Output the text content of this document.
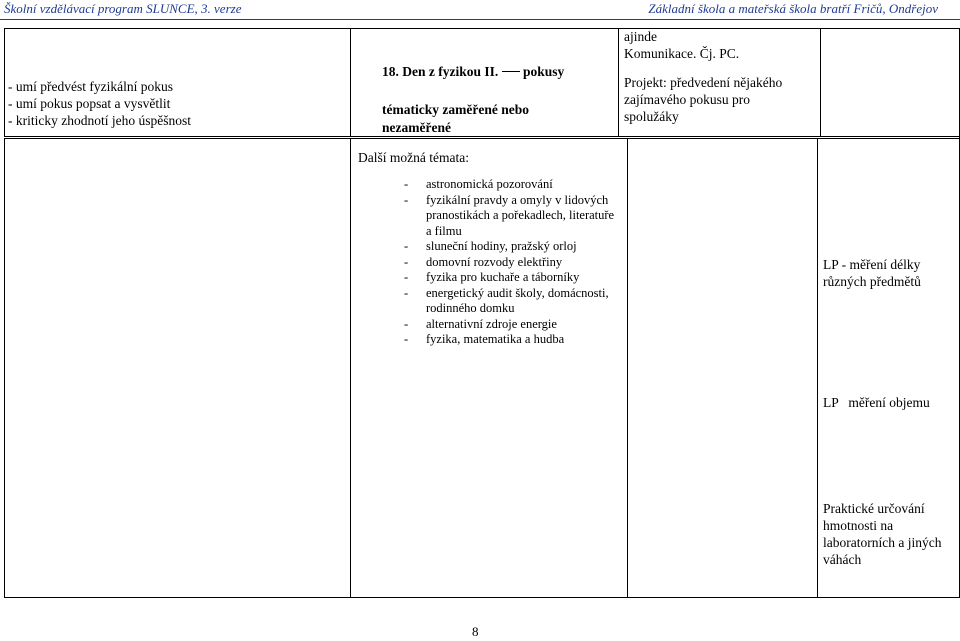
Školní vzdělávací program SLUNCE, 3. verze	Základní škola a mateřská škola bratří Fričů, Ondřejov
- umí předvést fyzikální pokus
- umí pokus popsat a vysvětlit
- kriticky zhodnotí jeho úspěšnost
18. Den z fyzikou II. pokusy
tématicky zaměřené nebo
nezaměřené
ajinde
Komunikace. Čj. PC.
Projekt: předvedení nějakého
zajímavého pokusu pro
spolužáky
Další možná témata:
- astronomická pozorování
- fyzikální pravdy a omyly v lidových pranostikách a pořekadlech, literatuře a filmu
- sluneční hodiny, pražský orloj
- domovní rozvody elektřiny
- fyzika pro kuchaře a táborníky
- energetický audit školy, domácnosti, rodinného domku
- alternativní zdroje energie
- fyzika, matematika a hudba
LP - měření délky
různých předmětů
LP   měření objemu
Praktické určování
hmotnosti na
laboratorních a jiných
váhách
8
